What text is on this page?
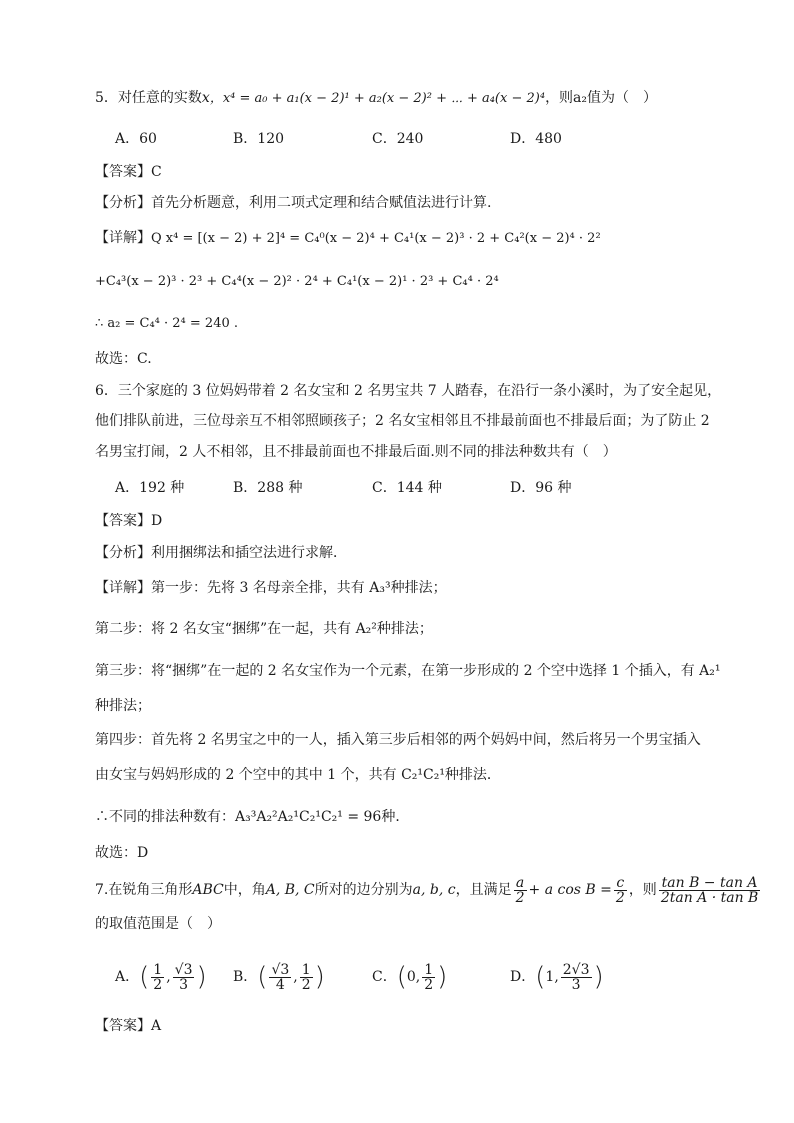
5．对任意的实数x，x⁴ = a₀ + a₁(x − 2)¹ + a₂(x − 2)² + ⋯ + a₄(x − 2)⁴，则a₂值为（　）
A．60	B．120	C．240	D．480
【答案】C
【分析】首先分析题意，利用二项式定理和结合赋值法进行计算.
【详解】Q x⁴ = [(x − 2) + 2]⁴ = C₄⁰(x − 2)⁴ + C₄¹(x − 2)³ · 2 + C₄²(x − 2)⁴ · 2²
+C₄³(x − 2)³ · 2³ + C₄⁴(x − 2)² · 2⁴ + C₄¹(x − 2)¹ · 2³ + C₄⁴ · 2⁴
∴ a₂ = C₄⁴ · 2⁴ = 240 .
故选：C.
6．三个家庭的 3 位妈妈带着 2 名女宝和 2 名男宝共 7 人踏春，在沿行一条小溪时，为了安全起见，
他们排队前进，三位母亲互不相邻照顾孩子；2 名女宝相邻且不排最前面也不排最后面；为了防止 2
名男宝打闹，2 人不相邻，且不排最前面也不排最后面.则不同的排法种数共有（　）
A．192 种	B．288 种	C．144 种	D．96 种
【答案】D
【分析】利用捆绑法和插空法进行求解．
【详解】第一步：先将 3 名母亲全排，共有 A₃³种排法；
第二步：将 2 名女宝“捆绑”在一起，共有 A₂²种排法；
第三步：将“捆绑”在一起的 2 名女宝作为一个元素，在第一步形成的 2 个空中选择 1 个插入，有 A₂¹
种排法；
第四步：首先将 2 名男宝之中的一人，插入第三步后相邻的两个妈妈中间，然后将另一个男宝插入
由女宝与妈妈形成的 2 个空中的其中 1 个，共有 C₂¹C₂¹种排法．
∴不同的排法种数有：A₃³A₂²A₂¹C₂¹C₂¹ = 96种．
故选：D
7.在锐角三角形ABC中，角A, B, C所对的边分别为a, b, c，且满足 $\frac{a}{2} + a$ $\cos B = \frac{c}{2}$ ，则 $\frac{\text{tan B − tan A}}{\text{2tan A · tan B}}$
的取值范围是（　）
A．( $\frac{1}{2}$ , $\frac{√3}{3}$ ) B．( $\frac{√3}{4}$ , $\frac{1}{2}$ )	C．(0, $\frac{1}{2}$ )	D．(1, $\frac{2√3}{3}$ )
【答案】A
